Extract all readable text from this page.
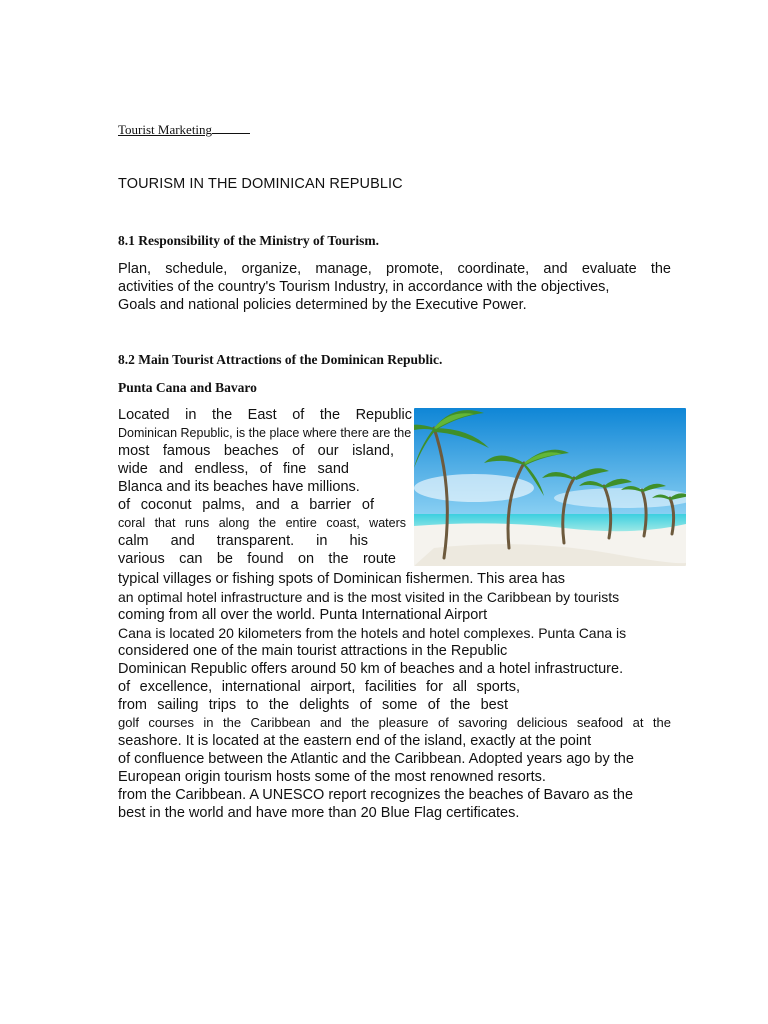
Tourist Marketing
TOURISM IN THE DOMINICAN REPUBLIC
8.1 Responsibility of the Ministry of Tourism.
Plan, schedule, organize, manage, promote, coordinate, and evaluate the
activities of the country's Tourism Industry, in accordance with the objectives,
Goals and national policies determined by the Executive Power.
8.2 Main Tourist Attractions of the Dominican Republic.
Punta Cana and Bavaro
Located in the East of the Republic
Dominican Republic, is the place where there are the
most famous beaches of our island,
wide and endless, of fine sand
Blanca and its beaches have millions.
of coconut palms, and a barrier of
coral that runs along the entire coast, waters
calm and transparent. in his
various can be found on the route
typical villages or fishing spots of Dominican fishermen. This area has
an optimal hotel infrastructure and is the most visited in the Caribbean by tourists
coming from all over the world. Punta International Airport
Cana is located 20 kilometers from the hotels and hotel complexes. Punta Cana is
considered one of the main tourist attractions in the Republic
Dominican Republic offers around 50 km of beaches and a hotel infrastructure.
of excellence, international airport, facilities for all sports,
from sailing trips to the delights of some of the best
golf courses in the Caribbean and the pleasure of savoring delicious seafood at the
seashore. It is located at the eastern end of the island, exactly at the point
of confluence between the Atlantic and the Caribbean. Adopted years ago by the
European origin tourism hosts some of the most renowned resorts.
from the Caribbean. A UNESCO report recognizes the beaches of Bavaro as the
best in the world and have more than 20 Blue Flag certificates.
